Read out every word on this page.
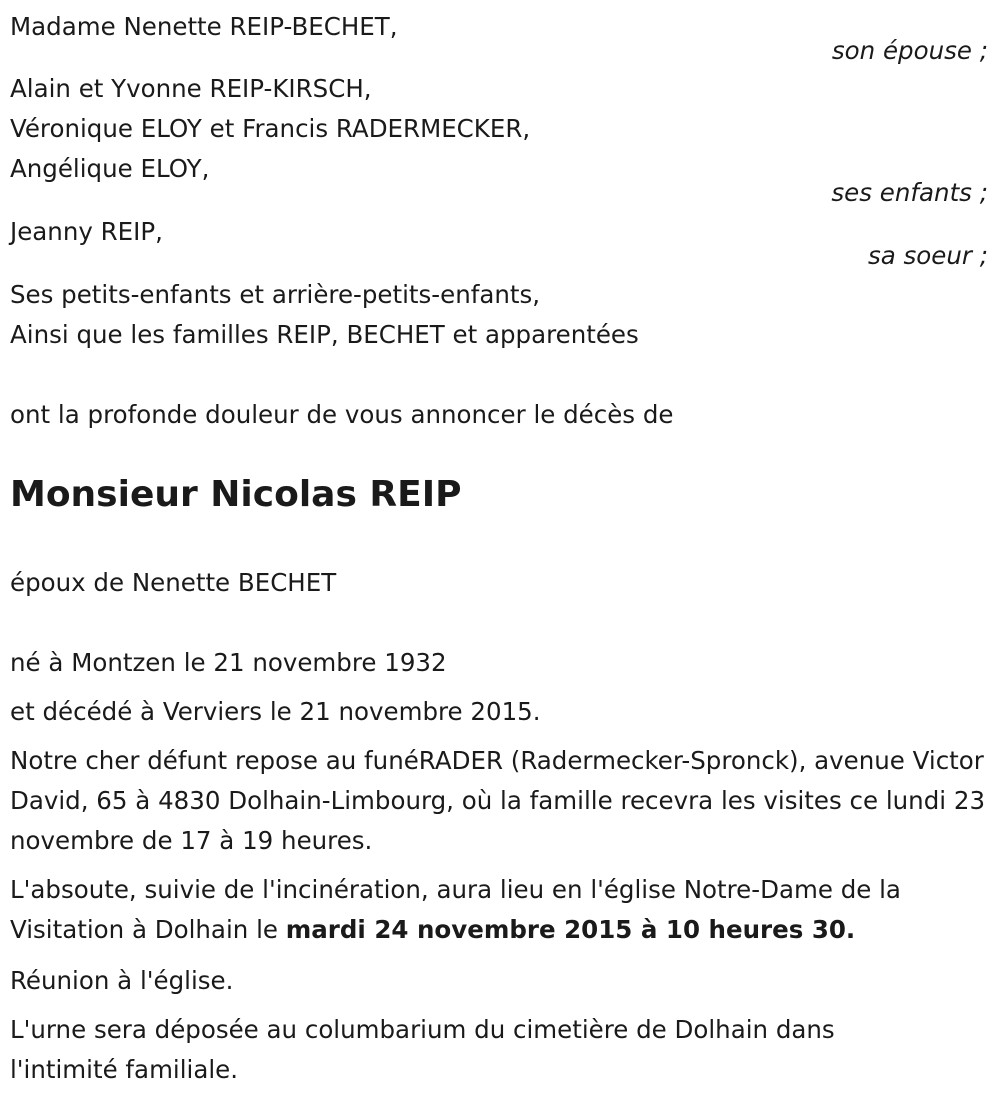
Madame Nenette REIP-BECHET,
son épouse ;
Alain et Yvonne REIP-KIRSCH,
Véronique ELOY et Francis RADERMECKER,
Angélique ELOY,
ses enfants ;
Jeanny REIP,
sa soeur ;
Ses petits-enfants et arrière-petits-enfants,
Ainsi que les familles REIP, BECHET et apparentées
ont la profonde douleur de vous annoncer le décès de
Monsieur Nicolas REIP
époux de Nenette BECHET
né à Montzen le 21 novembre 1932
et décédé à Verviers le 21 novembre 2015.

Notre cher défunt repose au funéRADER (Radermecker-Spronck), avenue Victor David, 65 à 4830 Dolhain-Limbourg, où la famille recevra les visites ce lundi 23 novembre de 17 à 19 heures.

L'absoute, suivie de l'incinération, aura lieu en l'église Notre-Dame de la Visitation à Dolhain le mardi 24 novembre 2015 à 10 heures 30.

Réunion à l'église.

L'urne sera déposée au columbarium du cimetière de Dolhain dans l'intimité familiale.
